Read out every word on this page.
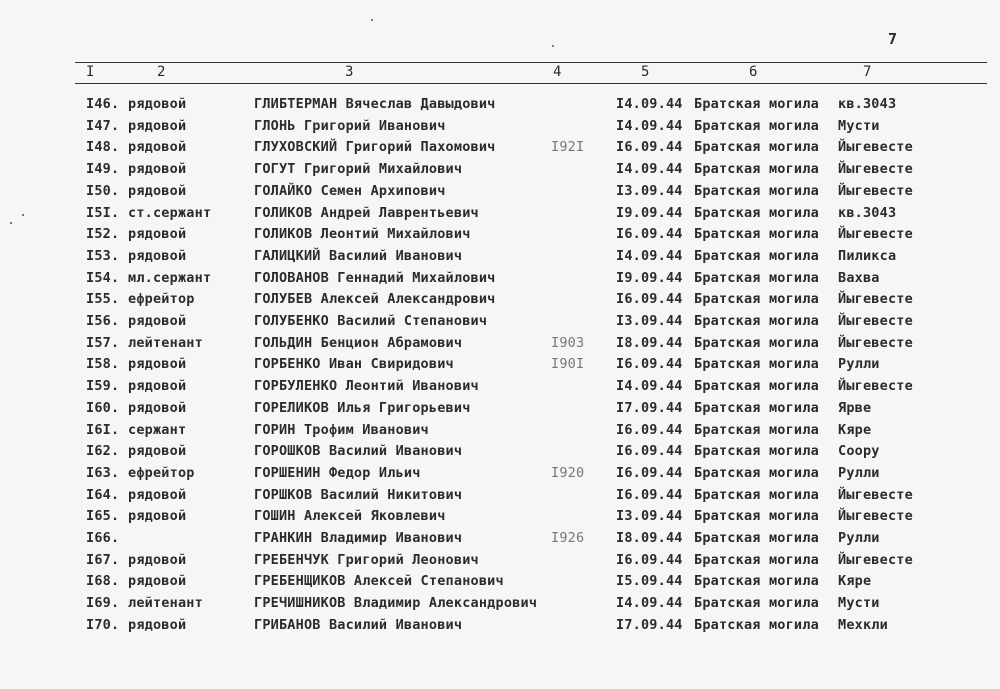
7
I	2	3	4	5	6	7
I46. рядовой	ГЛИБТЕРМАН Вячеслав Давыдович	I4.09.44 Братская могила кв.3043
I47. рядовой	ГЛОНЬ Григорий Иванович	I4.09.44 Братская могила Мусти
I48. рядовой	ГЛУХОВСКИЙ Григорий Пахомович	I92I I6.09.44 Братская могила Йыгевесте
I49. рядовой	ГОГУТ Григорий Михайлович	I4.09.44 Братская могила Йыгевесте
I50. рядовой	ГОЛАЙКО Семен Архипович	I3.09.44 Братская могила Йыгевесте
I5I. ст.сержант	ГОЛИКОВ Андрей Лаврентьевич	I9.09.44 Братская могила кв.3043
I52. рядовой	ГОЛИКОВ Леонтий Михайлович	I6.09.44 Братская могила Йыгевесте
I53. рядовой	ГАЛИЦКИЙ Василий Иванович	I4.09.44 Братская могила Пиликса
I54. мл.сержант	ГОЛОВАНОВ Геннадий Михайлович	I9.09.44 Братская могила Вахва
I55. ефрейтор	ГОЛУБЕВ Алексей Александрович	I6.09.44 Братская могила Йыгевесте
I56. рядовой	ГОЛУБЕНКО Василий Степанович	I3.09.44 Братская могила Йыгевесте
I57. лейтенант	ГОЛЬДИН Бенцион Абрамович	I903 I8.09.44 Братская могила Йыгевесте
I58. рядовой	ГОРБЕНКО Иван Свиридович	I90I I6.09.44 Братская могила Рулли
I59. рядовой	ГОРБУЛЕНКО Леонтий Иванович	I4.09.44 Братская могила Йыгевесте
I60. рядовой	ГОРЕЛИКОВ Илья Григорьевич	I7.09.44 Братская могила Ярве
I6I. сержант	ГОРИН Трофим Иванович	I6.09.44 Братская могила Кяре
I62. рядовой	ГОРОШКОВ Василий Иванович	I6.09.44 Братская могила Соору
I63. ефрейтор	ГОРШЕНИН Федор Ильич	I920 I6.09.44 Братская могила Рулли
I64. рядовой	ГОРШКОВ Василий Никитович	I6.09.44 Братская могила Йыгевесте
I65. рядовой	ГОШИН Алексей Яковлевич	I3.09.44 Братская могила Йыгевесте
I66.	ГРАНКИН Владимир Иванович	I926 I8.09.44 Братская могила Рулли
I67. рядовой	ГРЕБЕНЧУК Григорий Леонович	I6.09.44 Братская могила Йыгевесте
I68. рядовой	ГРЕБЕНЩИКОВ Алексей Степанович	I5.09.44 Братская могила Кяре
I69. лейтенант	ГРЕЧИШНИКОВ Владимир Александрович	I4.09.44 Братская могила Мусти
I70. рядовой	ГРИБАНОВ Василий Иванович	I7.09.44 Братская могила Мехкли
